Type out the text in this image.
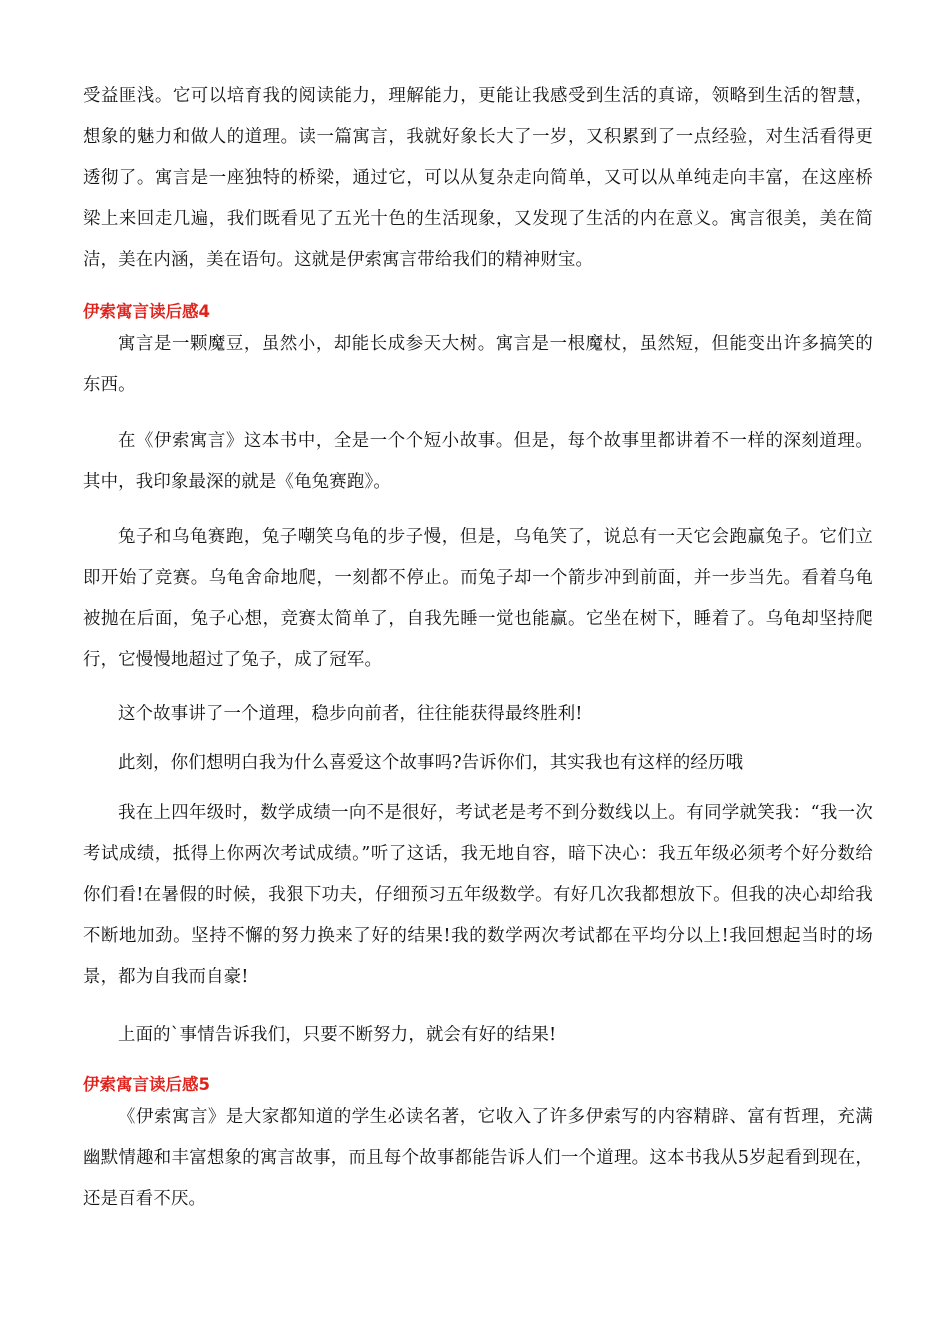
受益匪浅。它可以培育我的阅读能力，理解能力，更能让我感受到生活的真谛，领略到生活的智慧，想象的魅力和做人的道理。读一篇寓言，我就好象长大了一岁，又积累到了一点经验，对生活看得更透彻了。寓言是一座独特的桥梁，通过它，可以从复杂走向简单，又可以从单纯走向丰富，在这座桥梁上来回走几遍，我们既看见了五光十色的生活现象，又发现了生活的内在意义。寓言很美，美在简洁，美在内涵，美在语句。这就是伊索寓言带给我们的精神财宝。

伊索寓言读后感4

寓言是一颗魔豆，虽然小，却能长成参天大树。寓言是一根魔杖，虽然短，但能变出许多搞笑的东西。

在《伊索寓言》这本书中，全是一个个短小故事。但是，每个故事里都讲着不一样的深刻道理。其中，我印象最深的就是《龟兔赛跑》。

兔子和乌龟赛跑，兔子嘲笑乌龟的步子慢，但是，乌龟笑了，说总有一天它会跑赢兔子。它们立即开始了竞赛。乌龟舍命地爬，一刻都不停止。而兔子却一个箭步冲到前面，并一步当先。看着乌龟被抛在后面，兔子心想，竞赛太简单了，自我先睡一觉也能赢。它坐在树下，睡着了。乌龟却坚持爬行，它慢慢地超过了兔子，成了冠军。

这个故事讲了一个道理，稳步向前者，往往能获得最终胜利!

此刻，你们想明白我为什么喜爱这个故事吗?告诉你们，其实我也有这样的经历哦

我在上四年级时，数学成绩一向不是很好，考试老是考不到分数线以上。有同学就笑我：“我一次考试成绩，抵得上你两次考试成绩。”听了这话，我无地自容，暗下决心：我五年级必须考个好分数给你们看!在暑假的时候，我狠下功夫，仔细预习五年级数学。有好几次我都想放下。但我的决心却给我不断地加劲。坚持不懈的努力换来了好的结果!我的数学两次考试都在平均分以上!我回想起当时的场景，都为自我而自豪!

上面的`事情告诉我们，只要不断努力，就会有好的结果!

伊索寓言读后感5

《伊索寓言》是大家都知道的学生必读名著，它收入了许多伊索写的内容精辟、富有哲理，充满幽默情趣和丰富想象的寓言故事，而且每个故事都能告诉人们一个道理。这本书我从5岁起看到现在，还是百看不厌。
